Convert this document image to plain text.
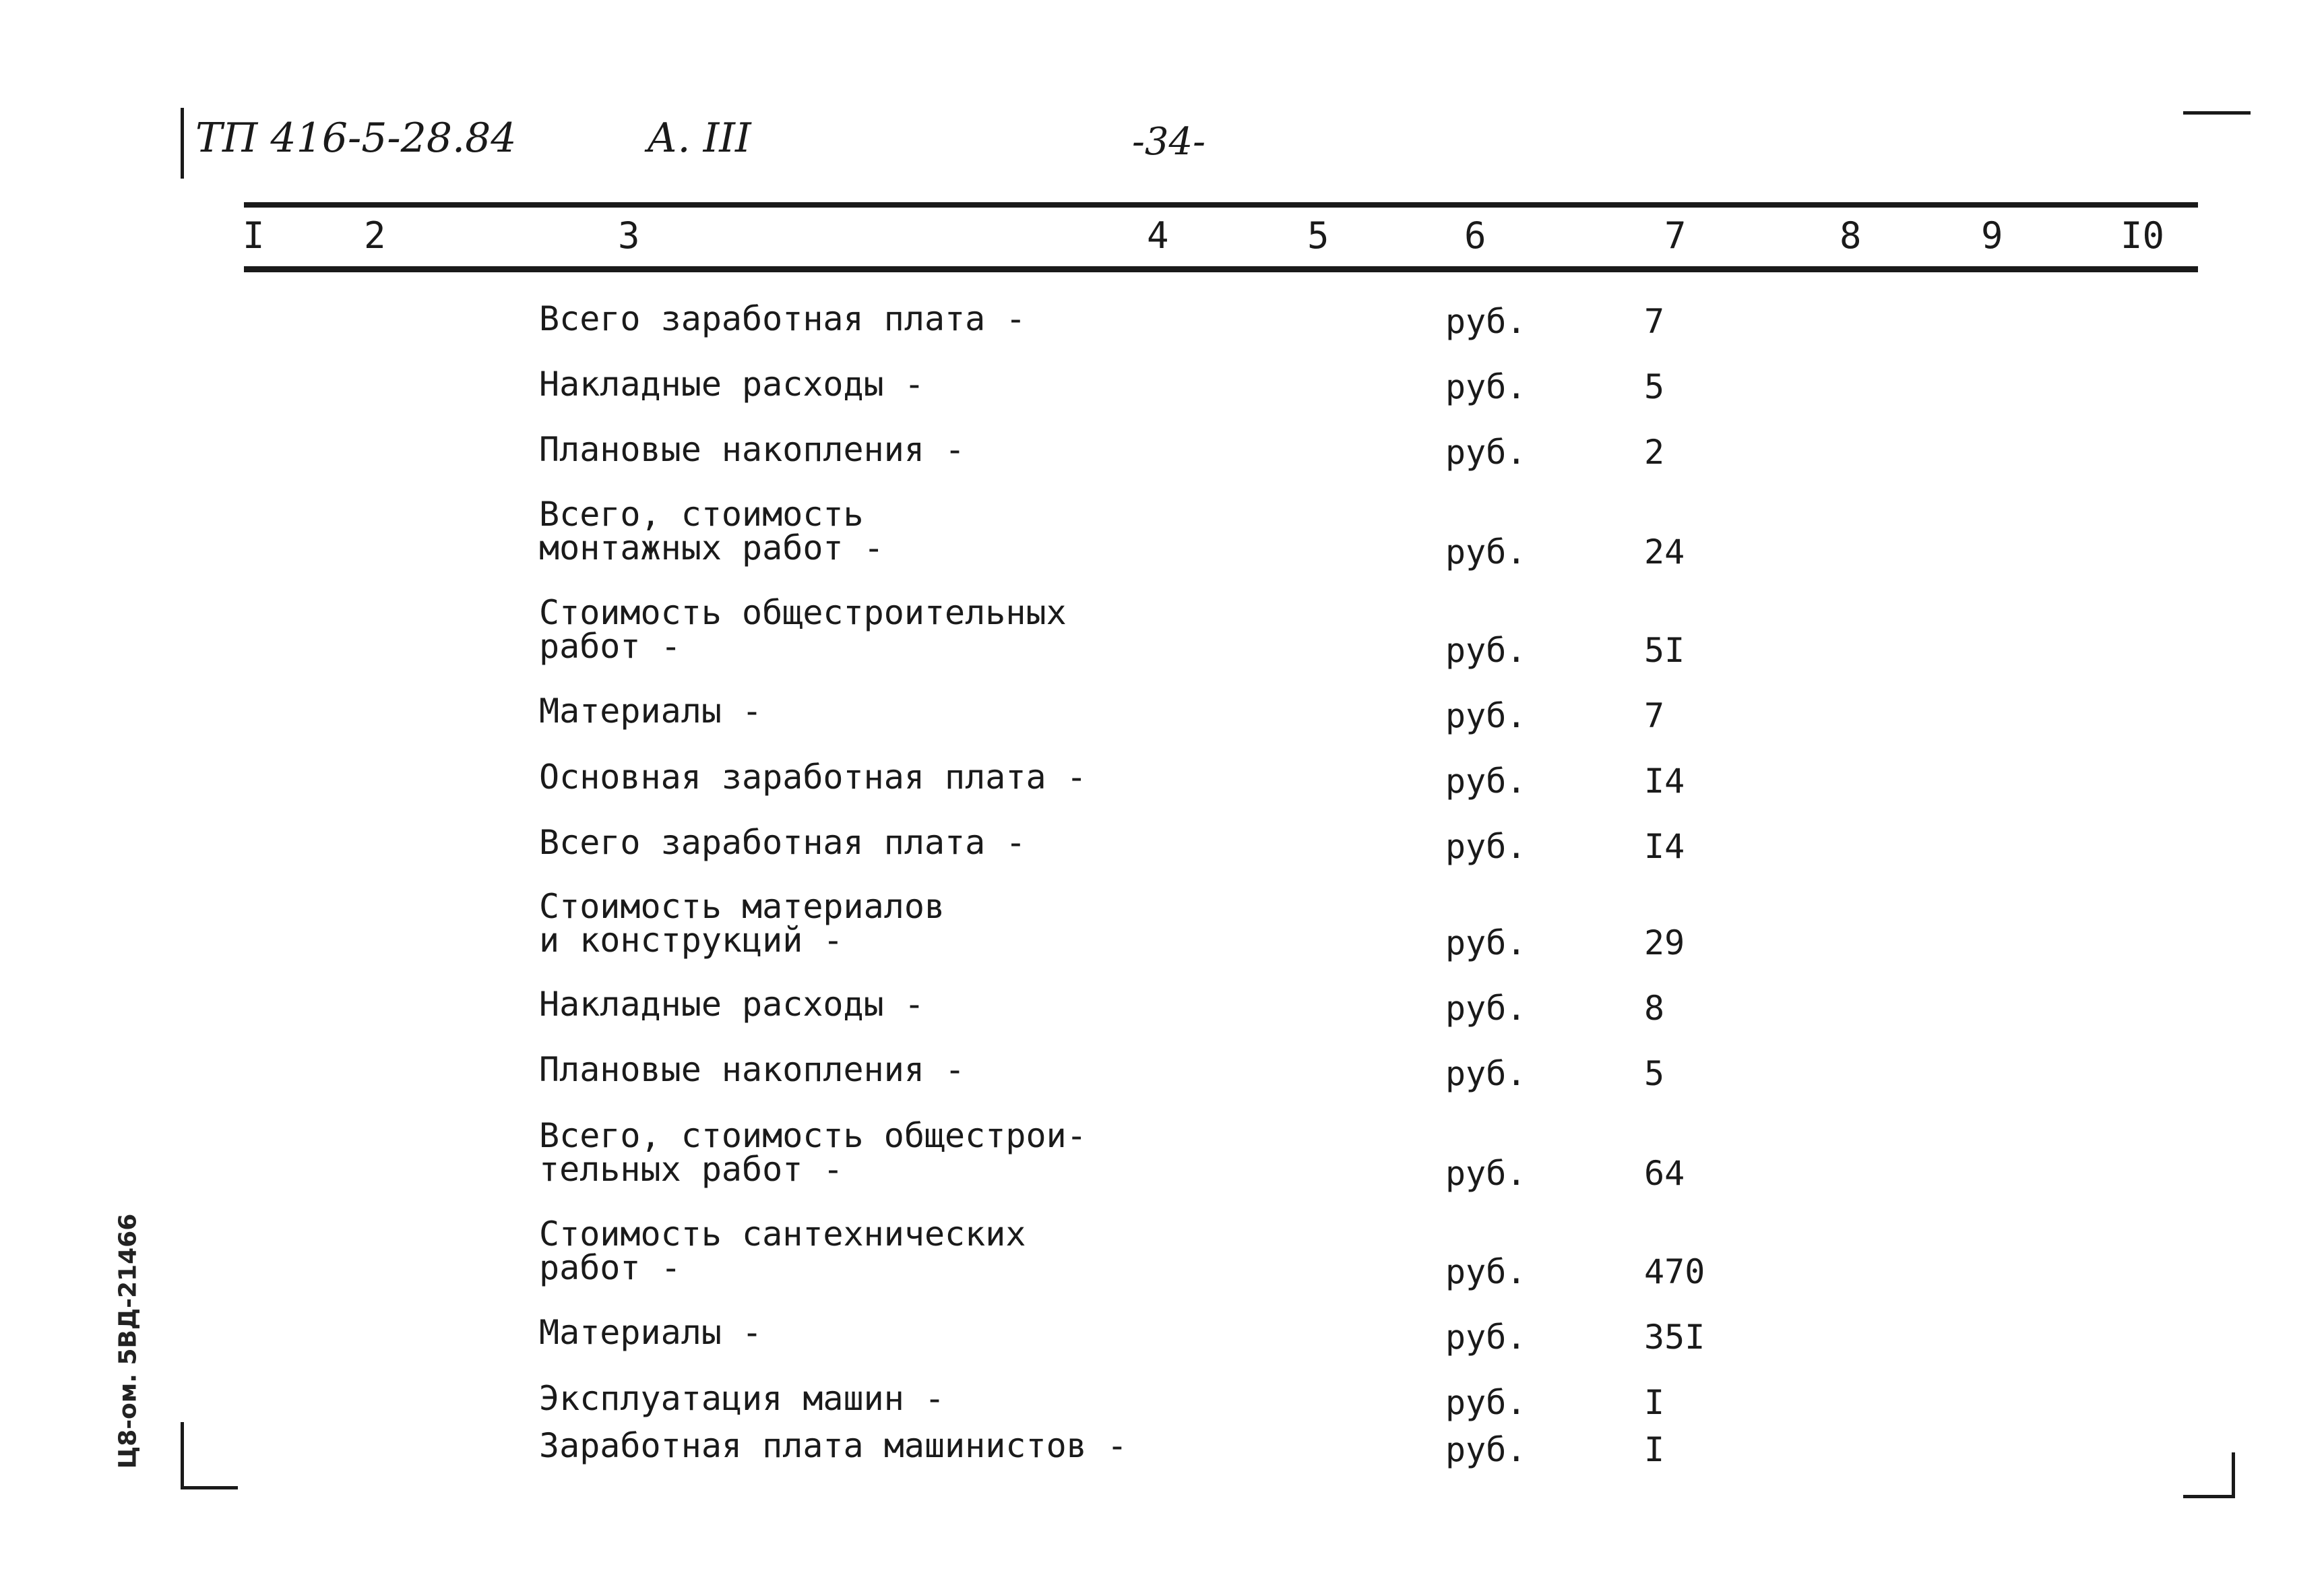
ТП 416-5-28.84	А. III	-34-
I	2	3	4	5	6	7	8	9	I0
Всего заработная плата -	руб.	7
Накладные расходы -	руб.	5
Плановые накопления -	руб.	2
Всего, стоимость
монтажных работ -	руб.	24
Стоимость общестроительных
работ -	руб.	5I
Материалы -	руб.	7
Основная заработная плата -	руб.	I4
Всего заработная плата -	руб.	I4
Стоимость материалов
и конструкций -	руб.	29
Накладные расходы -	руб.	8
Плановые накопления -	руб.	5
Всего, стоимость общестрои-
тельных работ -	руб.	64
Стоимость сантехнических
работ -	руб.	470
Материалы -	руб.	35I
Эксплуатация машин -	руб.	I
Заработная плата машинистов -	руб.	I
Ц8-ом. 5ВД-21466
